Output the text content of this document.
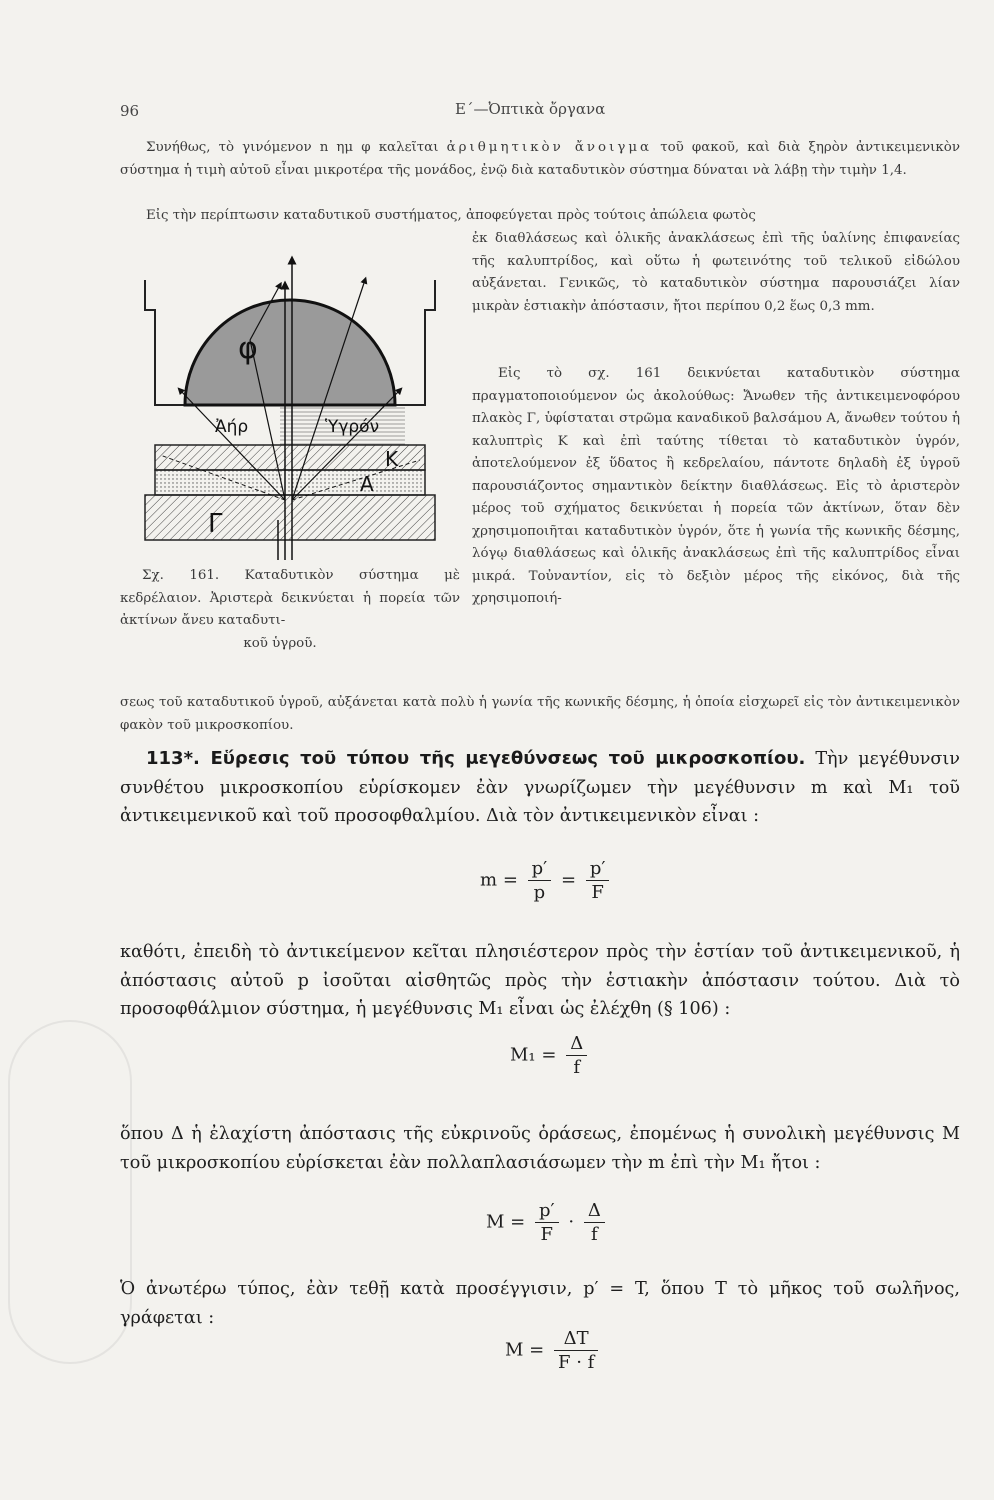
96	Ε΄—Ὀπτικὰ ὄργανα

Συνήθως, τὸ γινόμενον n ημ φ καλεῖται ἀριθμητικὸν ἄνοιγμα τοῦ φακοῦ, καὶ διὰ ξηρὸν ἀντικειμενικὸν σύστημα ἡ τιμὴ αὐτοῦ εἶναι μικροτέρα τῆς μονάδος, ἐνῷ διὰ καταδυτικὸν σύστημα δύναται νὰ λάβῃ τὴν τιμὴν 1,4.

Εἰς τὴν περίπτωσιν καταδυτικοῦ συστήματος, ἀποφεύγεται πρὸς τούτοις ἀπώλεια φωτὸς

φ
Ἀήρ	Ὑγρόν
Κ
Α
Γ

ἐκ διαθλάσεως καὶ ὁλικῆς ἀνακλάσεως ἐπὶ τῆς ὑαλίνης ἐπιφανείας τῆς καλυπτρίδος, καὶ οὕτω ἡ φωτεινότης τοῦ τελικοῦ εἰδώλου αὐξάνεται. Γενικῶς, τὸ καταδυτικὸν σύστημα παρουσιάζει λίαν μικρὰν ἑστιακὴν ἀπόστασιν, ἤτοι περίπου 0,2 ἕως 0,3 mm.

Εἰς τὸ σχ. 161 δεικνύεται καταδυτικὸν σύστημα πραγματοποιούμενον ὡς ἀκολούθως: Ἄνωθεν τῆς ἀντικειμενοφόρου πλακὸς Γ, ὑφίσταται στρῶμα καναδικοῦ βαλσάμου Α, ἄνωθεν τούτου ἡ καλυπτρὶς Κ καὶ ἐπὶ ταύτης τίθεται τὸ καταδυτικὸν ὑγρόν, ἀποτελούμενον ἐξ ὕδατος ἢ κεδρελαίου, πάντοτε δηλαδὴ ἐξ ὑγροῦ παρουσιάζοντος σημαντικὸν δείκτην διαθλάσεως. Εἰς τὸ ἀριστερὸν μέρος τοῦ σχήματος δεικνύεται ἡ πορεία τῶν ἀκτίνων, ὅταν δὲν χρησιμοποιῆται καταδυτικὸν ὑγρόν, ὅτε ἡ γωνία τῆς κωνικῆς δέσμης, λόγῳ διαθλάσεως καὶ ὁλικῆς ἀνακλάσεως ἐπὶ τῆς καλυπτρίδος εἶναι μικρά. Τοὐναντίον, εἰς τὸ δεξιὸν μέρος τῆς εἰκόνος, διὰ τῆς χρησιμοποιή-

Σχ. 161. Καταδυτικὸν σύστημα μὲ κεδρέλαιον. Ἀριστερὰ δεικνύεται ἡ πορεία τῶν ἀκτίνων ἄνευ καταδυτι-
κοῦ ὑγροῦ.

σεως τοῦ καταδυτικοῦ ὑγροῦ, αὐξάνεται κατὰ πολὺ ἡ γωνία τῆς κωνικῆς δέσμης, ἡ ὁποία εἰσχωρεῖ εἰς τὸν ἀντικειμενικὸν φακὸν τοῦ μικροσκοπίου.

113*. Εὕρεσις τοῦ τύπου τῆς μεγεθύνσεως τοῦ μικροσκοπίου. Τὴν μεγέθυνσιν συνθέτου μικροσκοπίου εὑρίσκομεν ἐὰν γνωρίζωμεν τὴν μεγέθυνσιν m καὶ M₁ τοῦ ἀντικειμενικοῦ καὶ τοῦ προσοφθαλμίου. Διὰ τὸν ἀντικειμενικὸν εἶναι :

$m = \frac{p'}{p} = \frac{p'}{F}$

καθότι, ἐπειδὴ τὸ ἀντικείμενον κεῖται πλησιέστερον πρὸς τὴν ἑστίαν τοῦ ἀντικειμενικοῦ, ἡ ἀπόστασις αὐτοῦ p ἰσοῦται αἰσθητῶς πρὸς τὴν ἑστιακὴν ἀπόστασιν τούτου. Διὰ τὸ προσοφθάλμιον σύστημα, ἡ μεγέθυνσις M₁ εἶναι ὡς ἐλέχθη (§ 106) :

$M_1 = \frac{\Delta}{f}$

ὅπου Δ ἡ ἐλαχίστη ἀπόστασις τῆς εὐκρινοῦς ὁράσεως, ἐπομένως ἡ συνολικὴ μεγέθυνσις M τοῦ μικροσκοπίου εὑρίσκεται ἐὰν πολλαπλασιάσωμεν τὴν m ἐπὶ τὴν M₁ ἤτοι :

$M = \frac{p'}{F} \cdot \frac{\Delta}{f}$

Ὁ ἀνωτέρω τύπος, ἐὰν τεθῇ κατὰ προσέγγισιν, p′ = T, ὅπου T τὸ μῆκος τοῦ σωλῆνος, γράφεται :

$M = \frac{\Delta T}{F \cdot f}$
